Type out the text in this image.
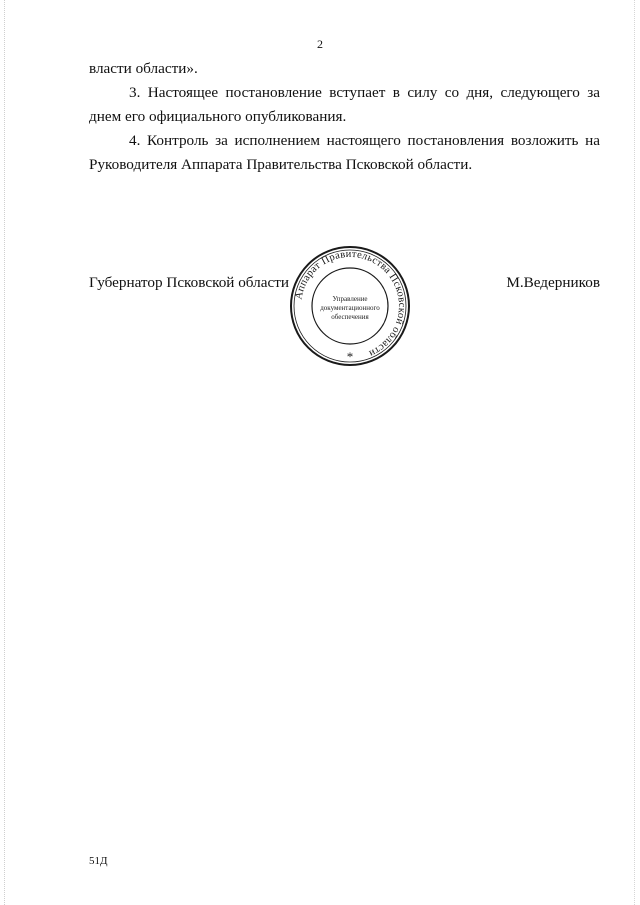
2

власти области».

3. Настоящее постановление вступает в силу со дня, следующего за днем его официального опубликования.

4. Контроль за исполнением настоящего постановления возложить на Руководителя Аппарата Правительства Псковской области.

Губернатор Псковской области
Аппарат Правительства Псковской области
Управление
документационного
обеспечения
*
М.Ведерников
51Д
